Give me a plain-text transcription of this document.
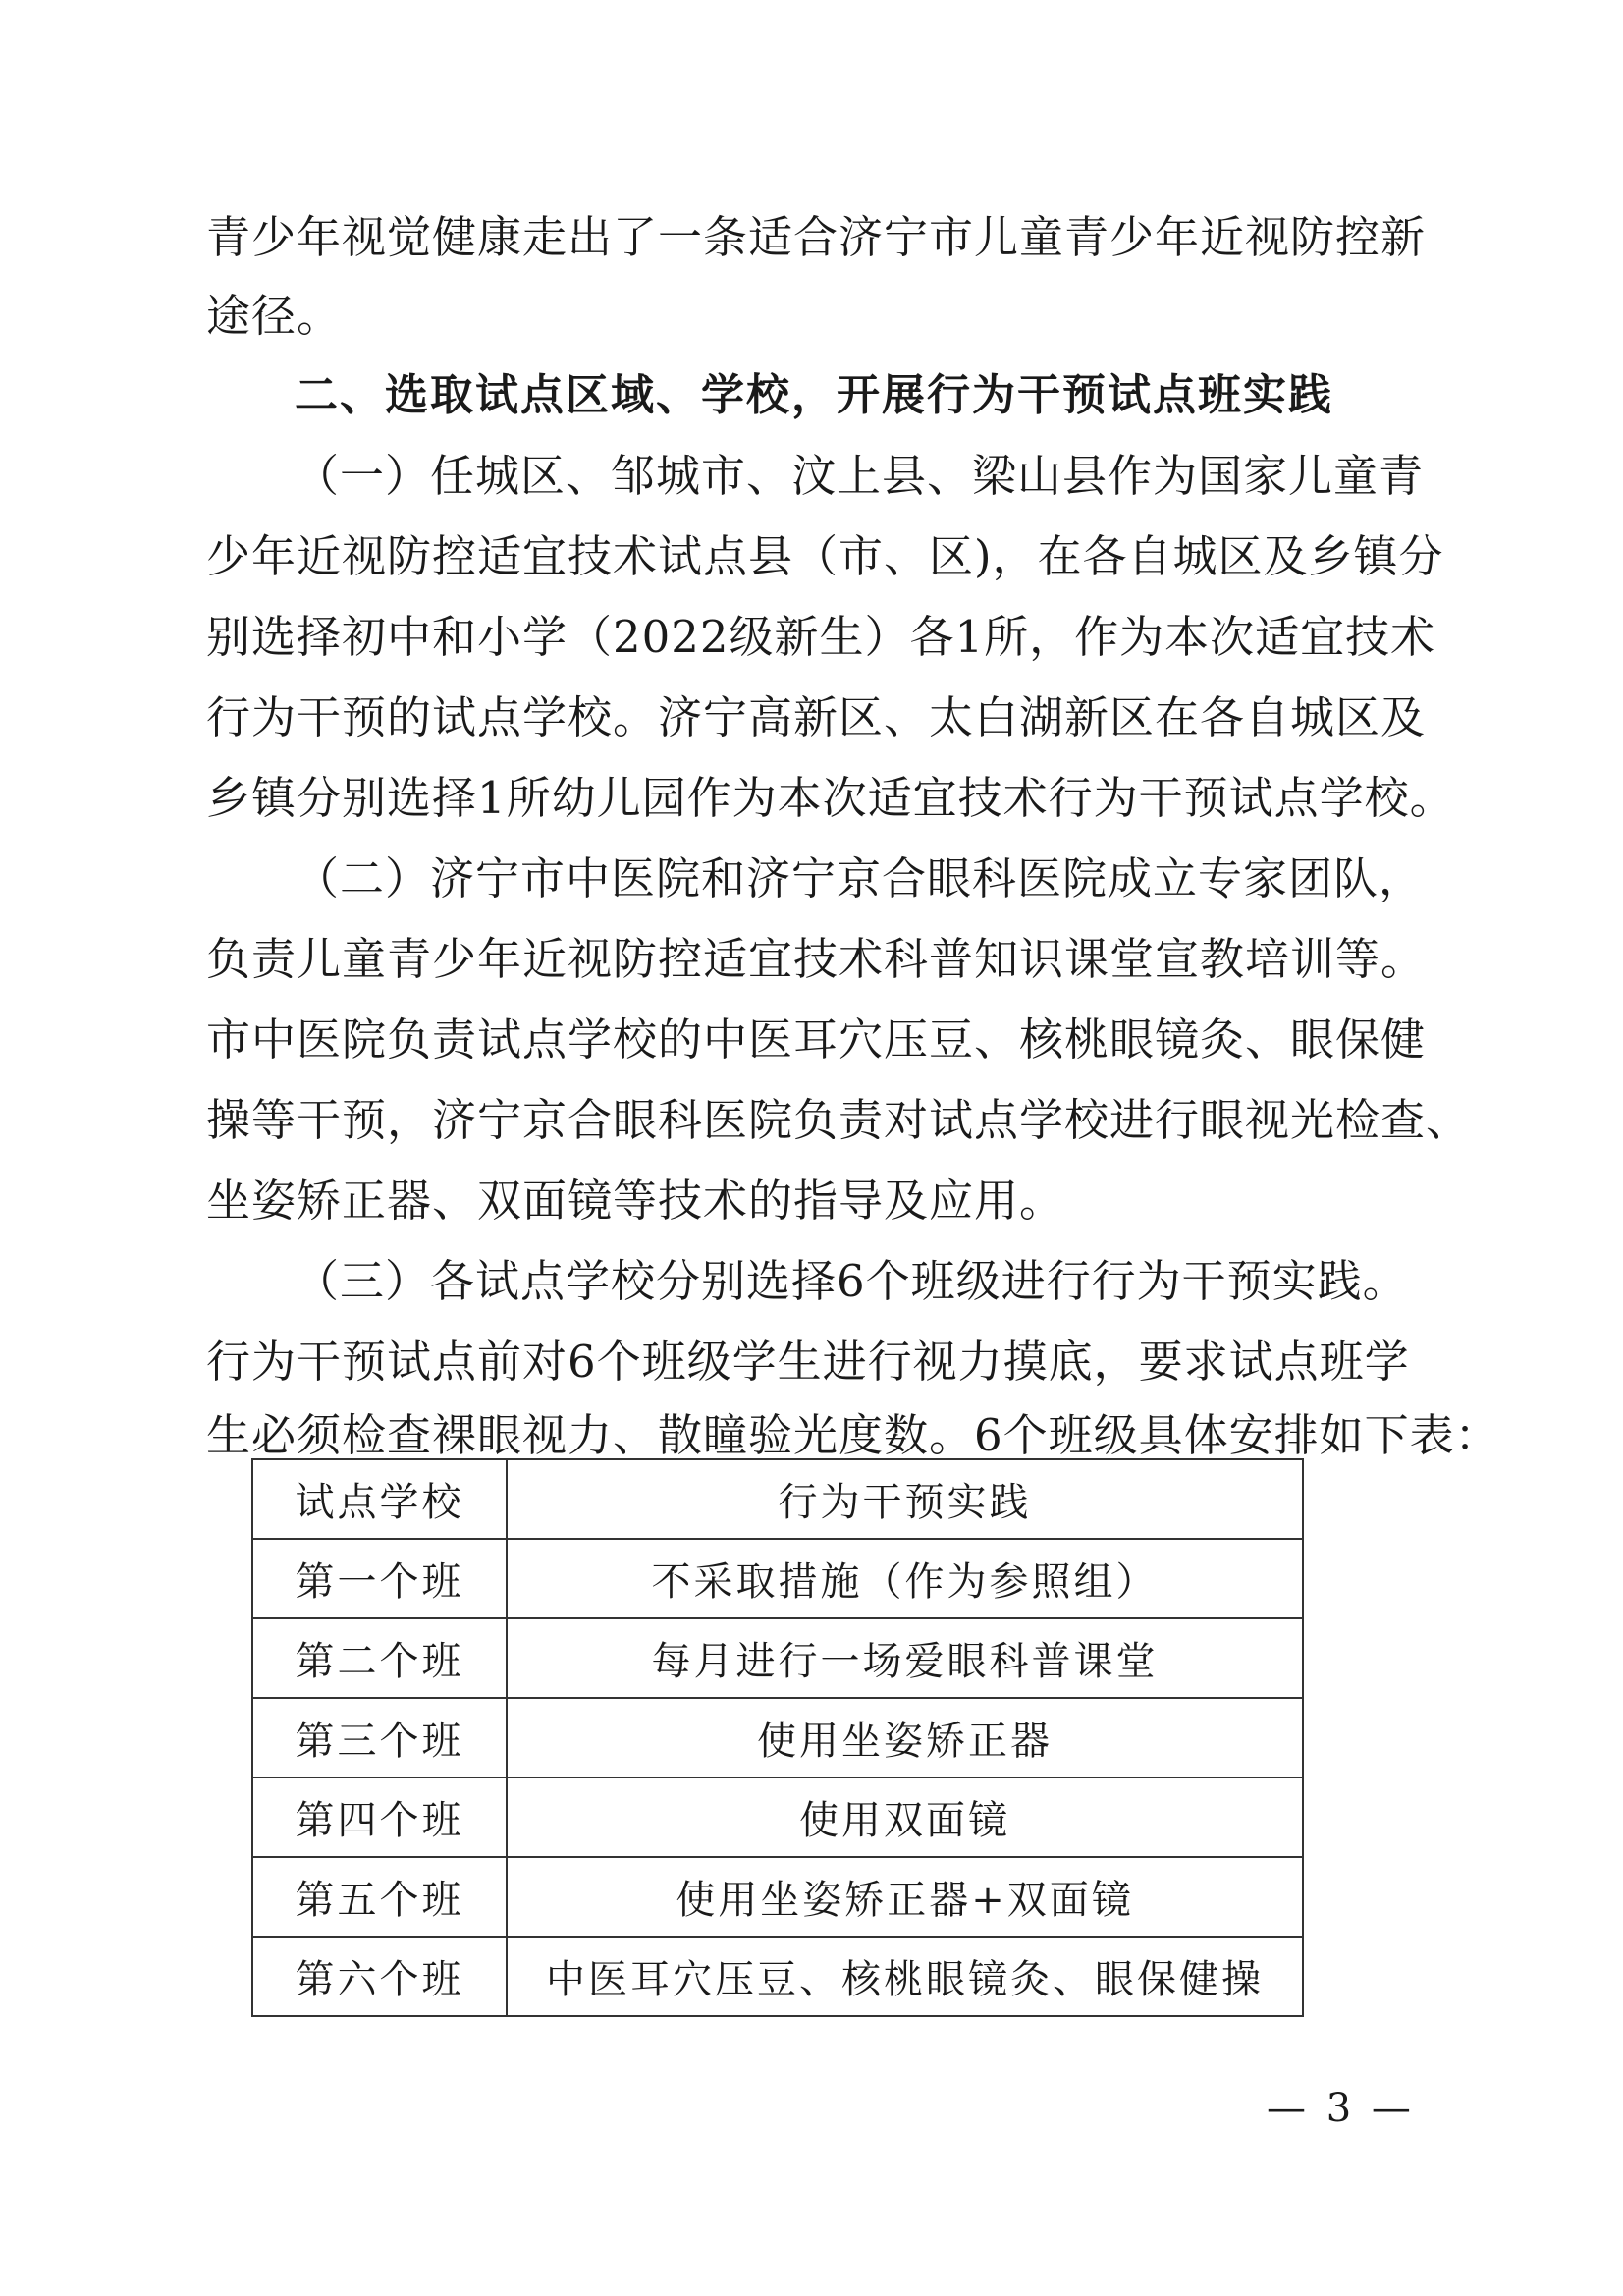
青少年视觉健康走出了一条适合济宁市儿童青少年近视防控新
途径。
二、选取试点区域、学校，开展行为干预试点班实践
（一）任城区、邹城市、汶上县、梁山县作为国家儿童青
少年近视防控适宜技术试点县（市、区)，在各自城区及乡镇分
别选择初中和小学（2022级新生）各1所，作为本次适宜技术
行为干预的试点学校。济宁高新区、太白湖新区在各自城区及
乡镇分别选择1所幼儿园作为本次适宜技术行为干预试点学校。
（二）济宁市中医院和济宁京合眼科医院成立专家团队，
负责儿童青少年近视防控适宜技术科普知识课堂宣教培训等。
市中医院负责试点学校的中医耳穴压豆、核桃眼镜灸、眼保健
操等干预，济宁京合眼科医院负责对试点学校进行眼视光检查、
坐姿矫正器、双面镜等技术的指导及应用。
（三）各试点学校分别选择6个班级进行行为干预实践。
行为干预试点前对6个班级学生进行视力摸底，要求试点班学
生必须检查裸眼视力、散瞳验光度数。6个班级具体安排如下表：
试点学校	行为干预实践
第一个班	不采取措施（作为参照组）
第二个班	每月进行一场爱眼科普课堂
第三个班	使用坐姿矫正器
第四个班	使用双面镜
第五个班	使用坐姿矫正器+双面镜
第六个班	中医耳穴压豆、核桃眼镜灸、眼保健操
— 3 —
